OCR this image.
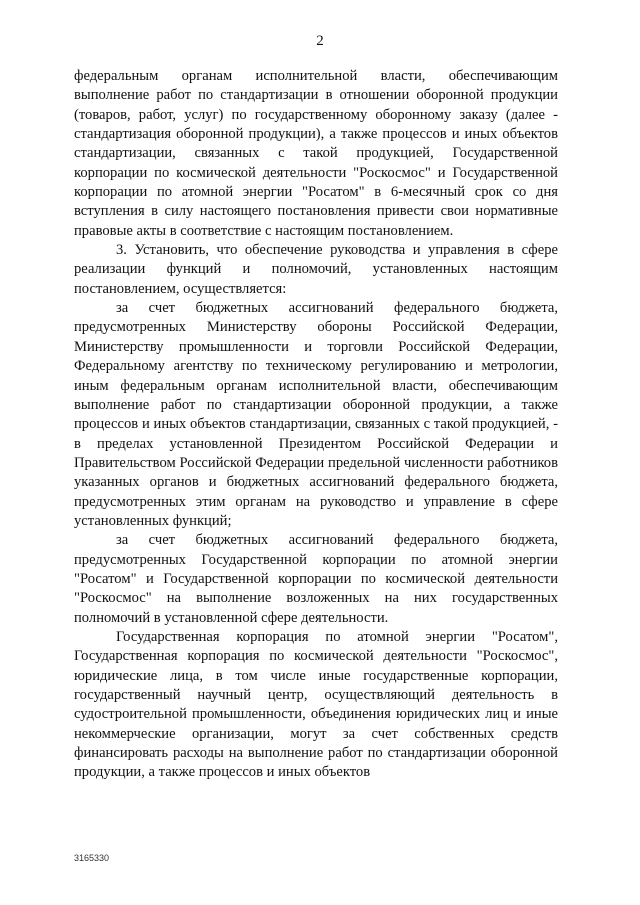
2

федеральным органам исполнительной власти, обеспечивающим выполнение работ по стандартизации в отношении оборонной продукции (товаров, работ, услуг) по государственному оборонному заказу (далее - стандартизация оборонной продукции), а также процессов и иных объектов стандартизации, связанных с такой продукцией, Государственной корпорации по космической деятельности "Роскосмос" и Государственной корпорации по атомной энергии "Росатом" в 6-месячный срок со дня вступления в силу настоящего постановления привести свои нормативные правовые акты в соответствие с настоящим постановлением.

3. Установить, что обеспечение руководства и управления в сфере реализации функций и полномочий, установленных настоящим постановлением, осуществляется:

за счет бюджетных ассигнований федерального бюджета, предусмотренных Министерству обороны Российской Федерации, Министерству промышленности и торговли Российской Федерации, Федеральному агентству по техническому регулированию и метрологии, иным федеральным органам исполнительной власти, обеспечивающим выполнение работ по стандартизации оборонной продукции, а также процессов и иных объектов стандартизации, связанных с такой продукцией, - в пределах установленной Президентом Российской Федерации и Правительством Российской Федерации предельной численности работников указанных органов и бюджетных ассигнований федерального бюджета, предусмотренных этим органам на руководство и управление в сфере установленных функций;

за счет бюджетных ассигнований федерального бюджета, предусмотренных Государственной корпорации по атомной энергии "Росатом" и Государственной корпорации по космической деятельности "Роскосмос" на выполнение возложенных на них государственных полномочий в установленной сфере деятельности.

Государственная корпорация по атомной энергии "Росатом", Государственная корпорация по космической деятельности "Роскосмос", юридические лица, в том числе иные государственные корпорации, государственный научный центр, осуществляющий деятельность в судостроительной промышленности, объединения юридических лиц и иные некоммерческие организации, могут за счет собственных средств финансировать расходы на выполнение работ по стандартизации оборонной продукции, а также процессов и иных объектов

3165330
